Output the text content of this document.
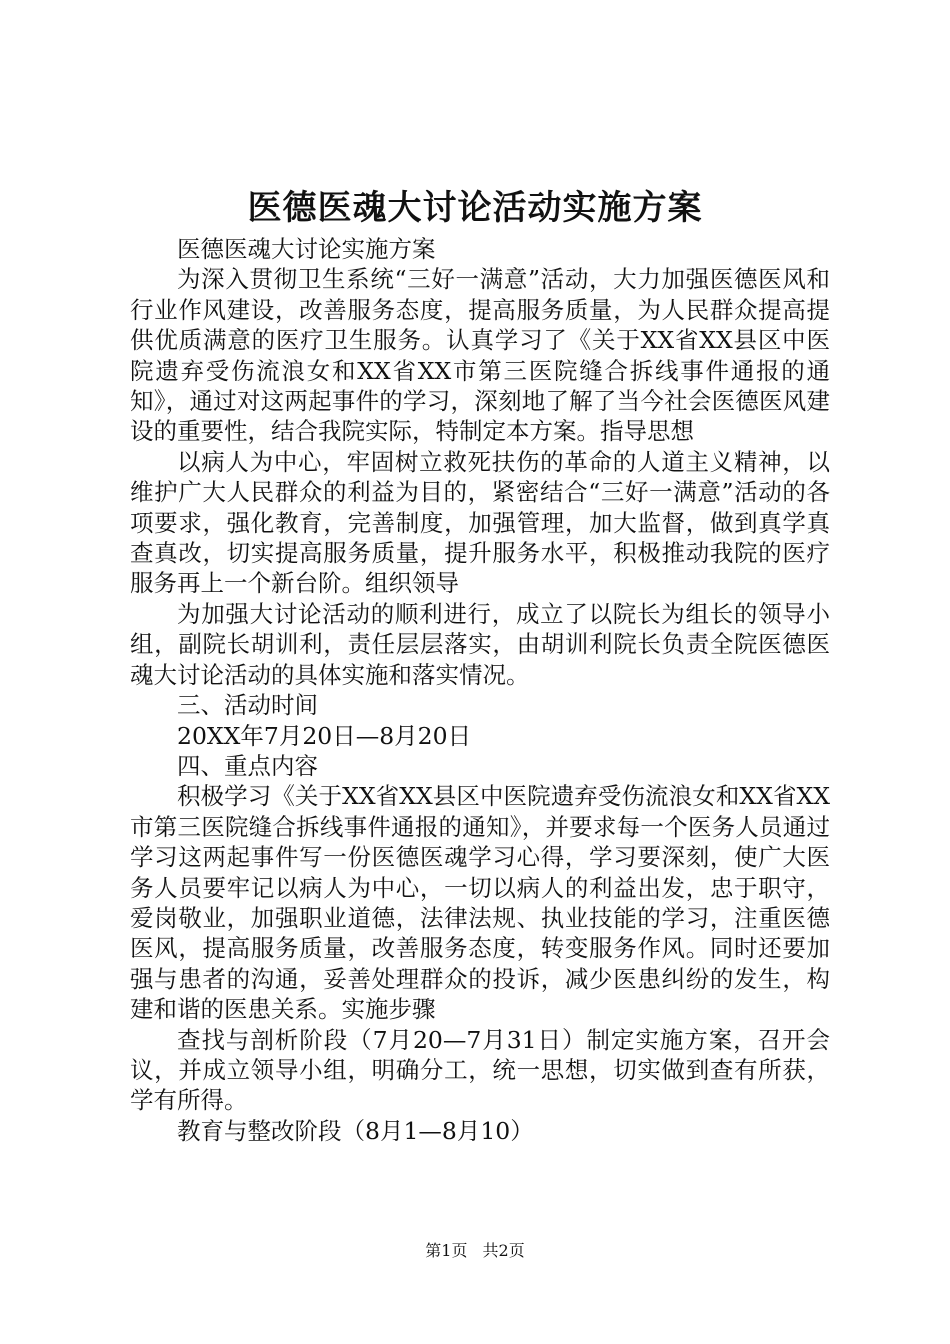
医德医魂大讨论活动实施方案

医德医魂大讨论实施方案

为深入贯彻卫生系统“三好一满意”活动，大力加强医德医风和行业作风建设，改善服务态度，提高服务质量，为人民群众提高提供优质满意的医疗卫生服务。认真学习了《关于XX省XX县区中医院遗弃受伤流浪女和XX省XX市第三医院缝合拆线事件通报的通知》，通过对这两起事件的学习，深刻地了解了当今社会医德医风建设的重要性，结合我院实际，特制定本方案。指导思想

以病人为中心，牢固树立救死扶伤的革命的人道主义精神，以维护广大人民群众的利益为目的，紧密结合“三好一满意”活动的各项要求，强化教育，完善制度，加强管理，加大监督，做到真学真查真改，切实提高服务质量，提升服务水平，积极推动我院的医疗服务再上一个新台阶。组织领导

为加强大讨论活动的顺利进行，成立了以院长为组长的领导小组，副院长胡训利，责任层层落实，由胡训利院长负责全院医德医魂大讨论活动的具体实施和落实情况。

三、活动时间

20XX年7月20日—8月20日

四、重点内容

积极学习《关于XX省XX县区中医院遗弃受伤流浪女和XX省XX市第三医院缝合拆线事件通报的通知》，并要求每一个医务人员通过学习这两起事件写一份医德医魂学习心得，学习要深刻，使广大医务人员要牢记以病人为中心，一切以病人的利益出发，忠于职守，爱岗敬业，加强职业道德，法律法规、执业技能的学习，注重医德医风，提高服务质量，改善服务态度，转变服务作风。同时还要加强与患者的沟通，妥善处理群众的投诉，减少医患纠纷的发生，构建和谐的医患关系。实施步骤

查找与剖析阶段（7月20—7月31日）制定实施方案，召开会议，并成立领导小组，明确分工，统一思想，切实做到查有所获，学有所得。

教育与整改阶段（8月1—8月10）

第1页 共2页
